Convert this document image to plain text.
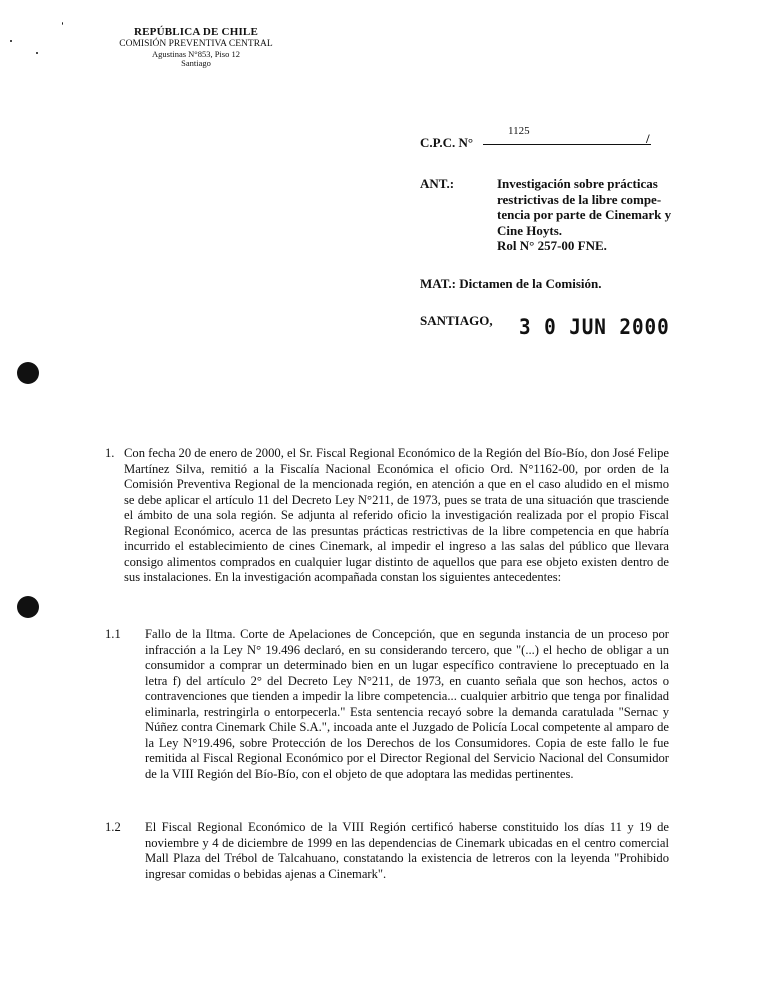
REPÚBLICA DE CHILE
COMISIÓN PREVENTIVA CENTRAL
Agustinas N°853, Piso 12
Santiago
C.P.C. N°
1125	/
ANT.:	Investigación sobre prácticas restrictivas de la libre compe- tencia por parte de Cinemark y Cine Hoyts.
Rol N° 257-00 FNE.
MAT.: Dictamen de la Comisión.
SANTIAGO, 3 0 JUN 2000
1. Con fecha 20 de enero de 2000, el Sr. Fiscal Regional Económico de la Región del Bío-Bío, don José Felipe Martínez Silva, remitió a la Fiscalía Nacional Económica el oficio Ord. N°1162-00, por orden de la Comisión Preventiva Regional de la mencionada región, en atención a que en el caso aludido en el mismo se debe aplicar el artículo 11 del Decreto Ley N°211, de 1973, pues se trata de una situación que trasciende el ámbito de una sola región. Se adjunta al referido oficio la investigación realizada por el propio Fiscal Regional Económico, acerca de las presuntas prácticas restrictivas de la libre competencia en que habría incurrido el establecimiento de cines Cinemark, al impedir el ingreso a las salas del público que llevara consigo alimentos comprados en cualquier lugar distinto de aquellos que para ese objeto existen dentro de sus instalaciones. En la investigación acompañada constan los siguientes antecedentes:
1.1 Fallo de la Iltma. Corte de Apelaciones de Concepción, que en segunda instancia de un proceso por infracción a la Ley N° 19.496 declaró, en su considerando tercero, que "(...) el hecho de obligar a un consumidor a comprar un determinado bien en un lugar específico contraviene lo preceptuado en la letra f) del artículo 2° del Decreto Ley N°211, de 1973, en cuanto señala que son hechos, actos o contravenciones que tienden a impedir la libre competencia... cualquier arbitrio que tenga por finalidad eliminarla, restringirla o entorpecerla." Esta sentencia recayó sobre la demanda caratulada "Sernac y Núñez contra Cinemark Chile S.A.", incoada ante el Juzgado de Policía Local competente al amparo de la Ley N°19.496, sobre Protección de los Derechos de los Consumidores. Copia de este fallo le fue remitida al Fiscal Regional Económico por el Director Regional del Servicio Nacional del Consumidor de la VIII Región del Bío-Bío, con el objeto de que adoptara las medidas pertinentes.
1.2 El Fiscal Regional Económico de la VIII Región certificó haberse constituido los días 11 y 19 de noviembre y 4 de diciembre de 1999 en las dependencias de Cinemark ubicadas en el centro comercial Mall Plaza del Trébol de Talcahuano, constatando la existencia de letreros con la leyenda "Prohibido ingresar comidas o bebidas ajenas a Cinemark".
